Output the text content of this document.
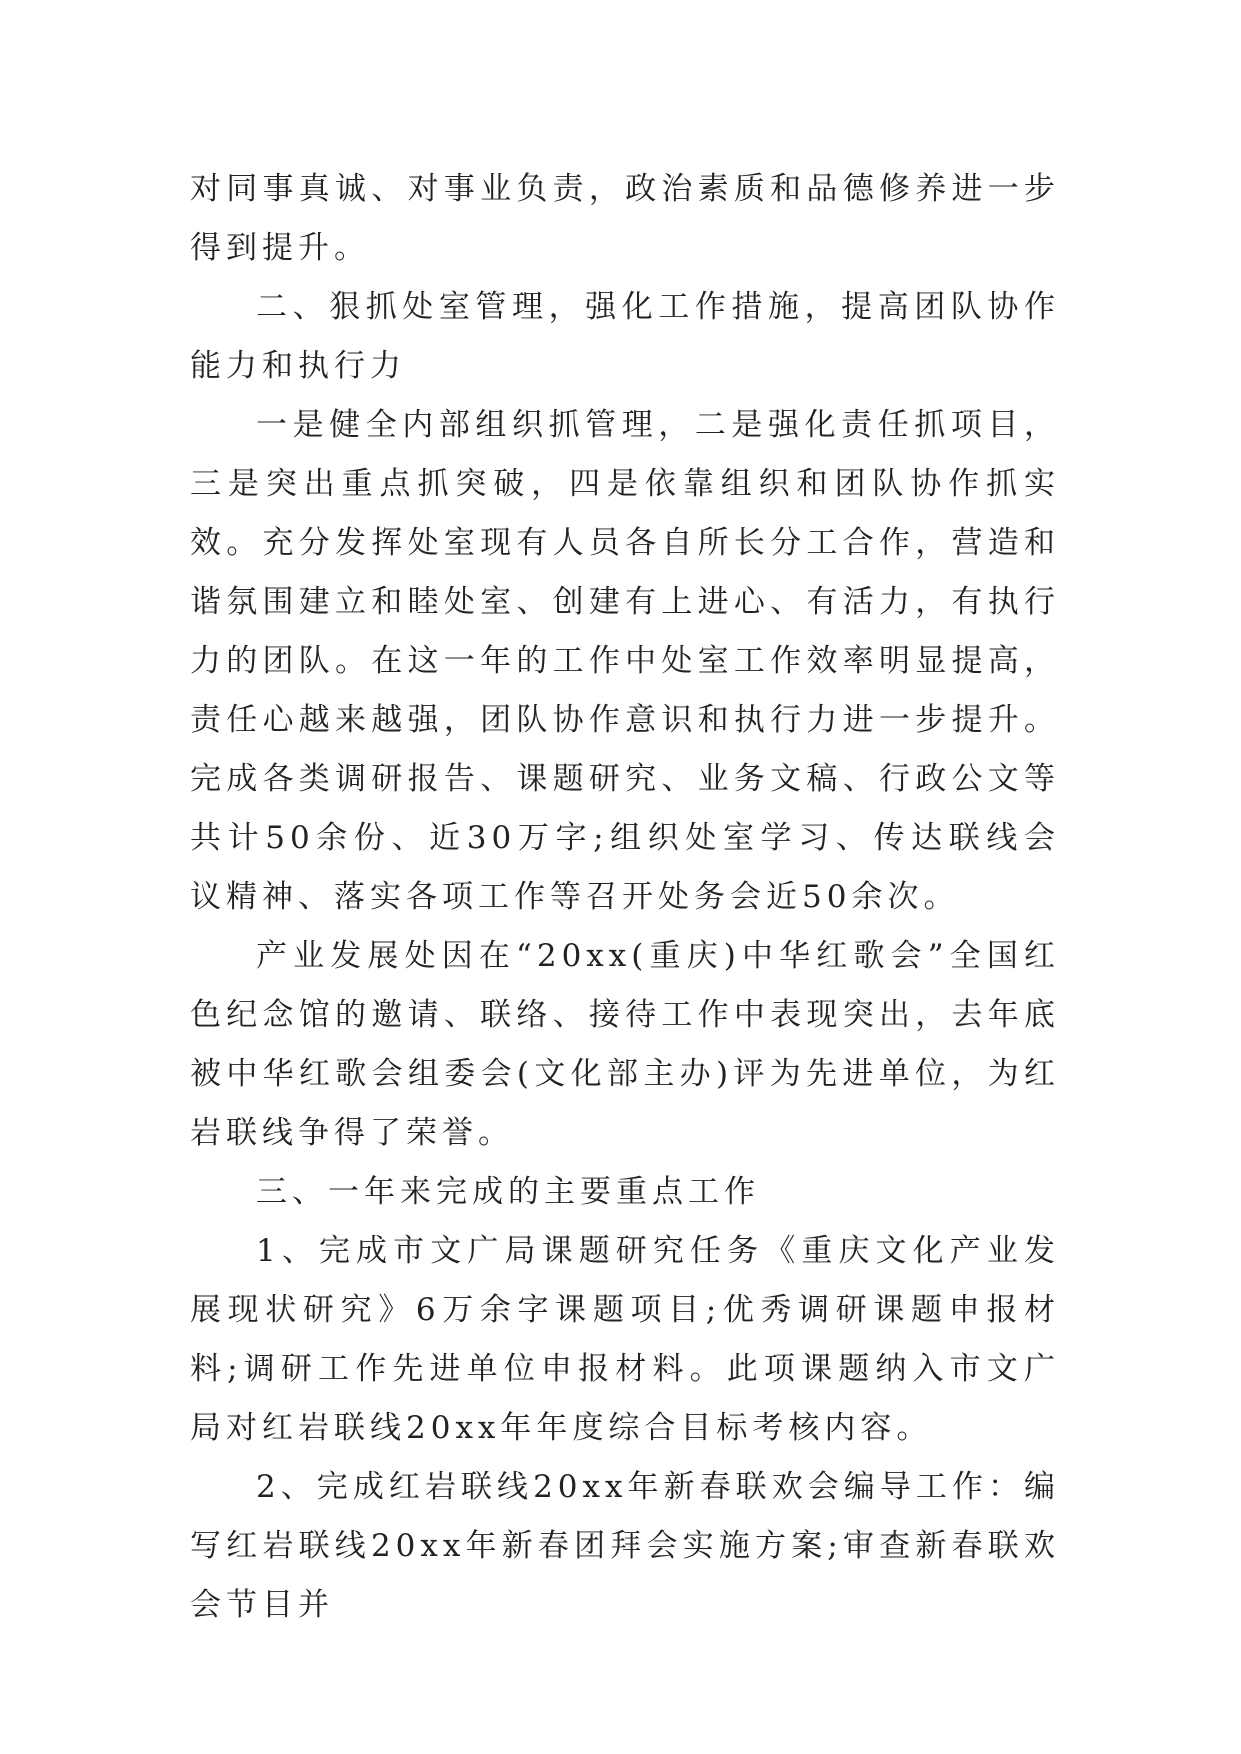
对同事真诚、对事业负责，政治素质和品德修养进一步得到提升。

二、狠抓处室管理，强化工作措施，提高团队协作能力和执行力

一是健全内部组织抓管理，二是强化责任抓项目，三是突出重点抓突破，四是依靠组织和团队协作抓实效。充分发挥处室现有人员各自所长分工合作，营造和谐氛围建立和睦处室、创建有上进心、有活力，有执行力的团队。在这一年的工作中处室工作效率明显提高，责任心越来越强，团队协作意识和执行力进一步提升。完成各类调研报告、课题研究、业务文稿、行政公文等共计50余份、近30万字;组织处室学习、传达联线会议精神、落实各项工作等召开处务会近50余次。

产业发展处因在“20xx(重庆)中华红歌会”全国红色纪念馆的邀请、联络、接待工作中表现突出，去年底被中华红歌会组委会(文化部主办)评为先进单位，为红岩联线争得了荣誉。

三、一年来完成的主要重点工作

1、完成市文广局课题研究任务《重庆文化产业发展现状研究》6万余字课题项目;优秀调研课题申报材料;调研工作先进单位申报材料。此项课题纳入市文广局对红岩联线20xx年年度综合目标考核内容。

2、完成红岩联线20xx年新春联欢会编导工作：编写红岩联线20xx年新春团拜会实施方案;审查新春联欢会节目并
